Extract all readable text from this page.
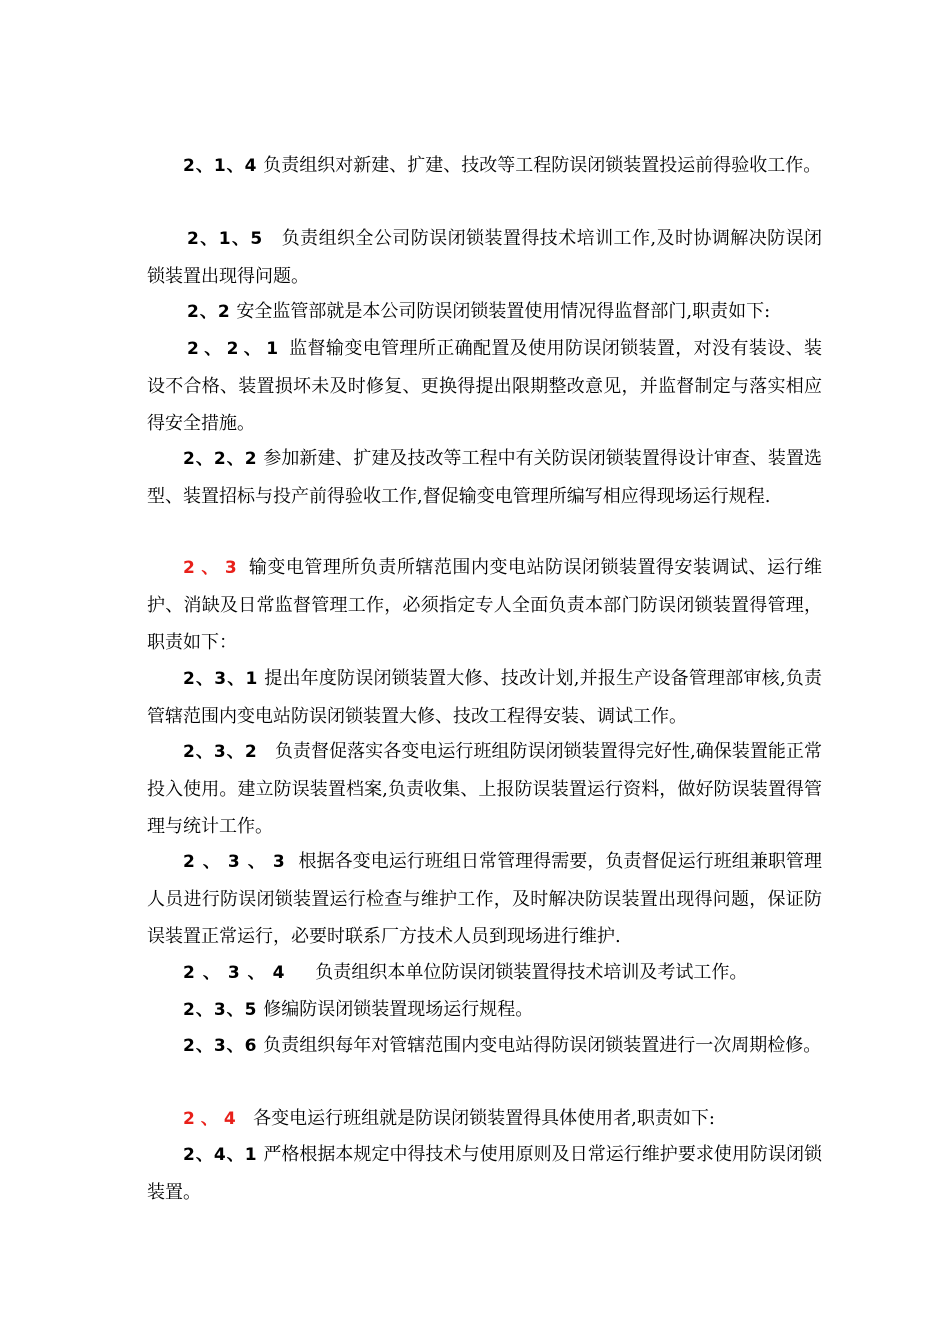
2、1、4 负责组织对新建、扩建、技改等工程防误闭锁装置投运前得验收工作。

2、1、5 负责组织全公司防误闭锁装置得技术培训工作,及时协调解决防误闭锁装置出现得问题。

2、2 安全监管部就是本公司防误闭锁装置使用情况得监督部门,职责如下:

2、2、1 监督输变电管理所正确配置及使用防误闭锁装置，对没有装设、装设不合格、装置损坏未及时修复、更换得提出限期整改意见，并监督制定与落实相应得安全措施。

2、2、2 参加新建、扩建及技改等工程中有关防误闭锁装置得设计审查、装置选型、装置招标与投产前得验收工作,督促输变电管理所编写相应得现场运行规程.

2、3 输变电管理所负责所辖范围内变电站防误闭锁装置得安装调试、运行维护、消缺及日常监督管理工作，必须指定专人全面负责本部门防误闭锁装置得管理，职责如下：

2、3、1 提出年度防误闭锁装置大修、技改计划,并报生产设备管理部审核,负责管辖范围内变电站防误闭锁装置大修、技改工程得安装、调试工作。

2、3、2 负责督促落实各变电运行班组防误闭锁装置得完好性,确保装置能正常投入使用。建立防误装置档案,负责收集、上报防误装置运行资料，做好防误装置得管理与统计工作。

2、3、3 根据各变电运行班组日常管理得需要，负责督促运行班组兼职管理人员进行防误闭锁装置运行检查与维护工作，及时解决防误装置出现得问题，保证防误装置正常运行，必要时联系厂方技术人员到现场进行维护.

2、3、4 负责组织本单位防误闭锁装置得技术培训及考试工作。

2、3、5 修编防误闭锁装置现场运行规程。

2、3、6 负责组织每年对管辖范围内变电站得防误闭锁装置进行一次周期检修。

2、4 各变电运行班组就是防误闭锁装置得具体使用者,职责如下:

2、4、1 严格根据本规定中得技术与使用原则及日常运行维护要求使用防误闭锁装置。
